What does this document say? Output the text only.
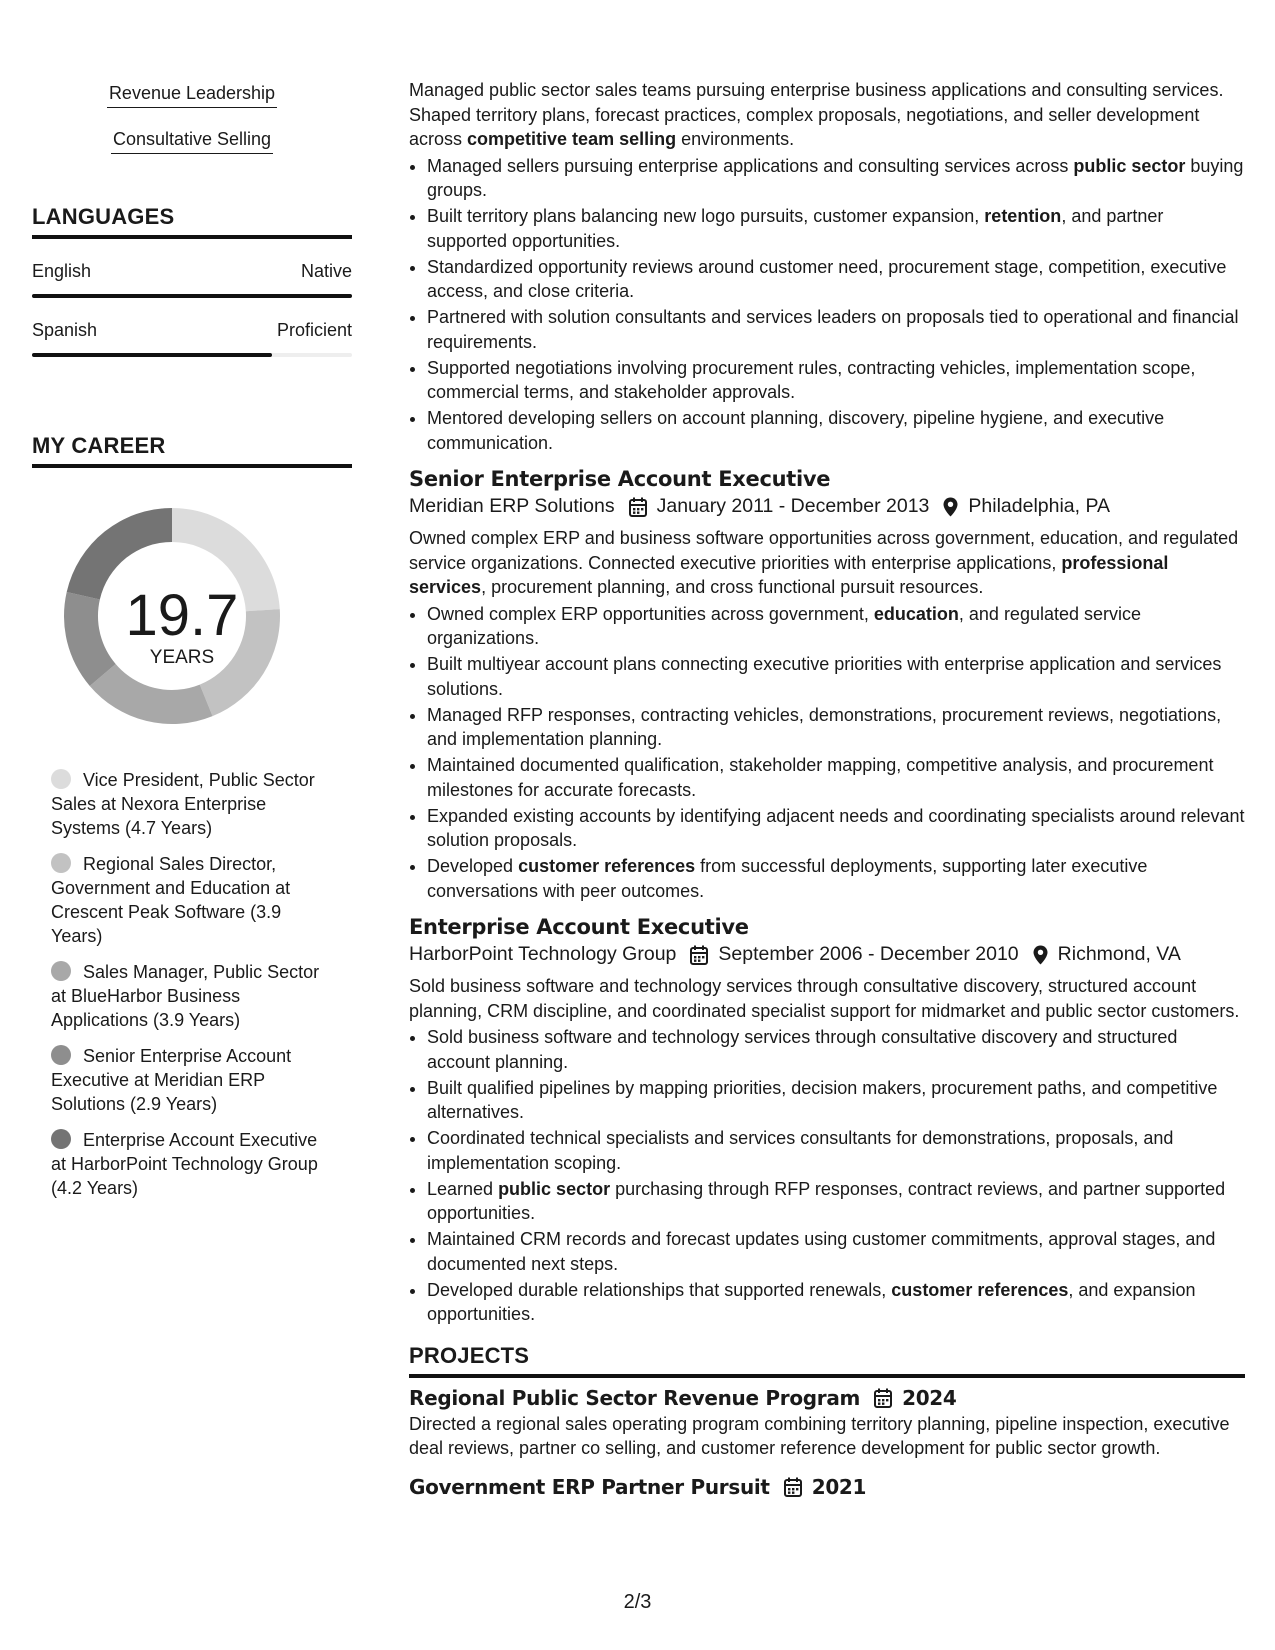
Revenue Leadership
Consultative Selling
LANGUAGES
English	Native
Spanish	Proficient
MY CAREER
19.7
YEARS
Vice President, Public Sector Sales at Nexora Enterprise Systems (4.7 Years)
Regional Sales Director, Government and Education at Crescent Peak Software (3.9 Years)
Sales Manager, Public Sector at BlueHarbor Business Applications (3.9 Years)
Senior Enterprise Account Executive at Meridian ERP Solutions (2.9 Years)
Enterprise Account Executive at HarborPoint Technology Group (4.2 Years)

Managed public sector sales teams pursuing enterprise business applications and consulting services. Shaped territory plans, forecast practices, complex proposals, negotiations, and seller development across competitive team selling environments.

• Managed sellers pursuing enterprise applications and consulting services across public sector buying groups.
• Built territory plans balancing new logo pursuits, customer expansion, retention, and partner supported opportunities.
• Standardized opportunity reviews around customer need, procurement stage, competition, executive access, and close criteria.
• Partnered with solution consultants and services leaders on proposals tied to operational and financial requirements.
• Supported negotiations involving procurement rules, contracting vehicles, implementation scope, commercial terms, and stakeholder approvals.
• Mentored developing sellers on account planning, discovery, pipeline hygiene, and executive communication.
Senior Enterprise Account Executive
Meridian ERP Solutions January 2011 - December 2013 Philadelphia, PA

Owned complex ERP and business software opportunities across government, education, and regulated service organizations. Connected executive priorities with enterprise applications, professional services, procurement planning, and cross functional pursuit resources.

• Owned complex ERP opportunities across government, education, and regulated service organizations.
• Built multiyear account plans connecting executive priorities with enterprise application and services solutions.
• Managed RFP responses, contracting vehicles, demonstrations, procurement reviews, negotiations, and implementation planning.
• Maintained documented qualification, stakeholder mapping, competitive analysis, and procurement milestones for accurate forecasts.
• Expanded existing accounts by identifying adjacent needs and coordinating specialists around relevant solution proposals.
• Developed customer references from successful deployments, supporting later executive conversations with peer outcomes.
Enterprise Account Executive
HarborPoint Technology Group September 2006 - December 2010 Richmond, VA

Sold business software and technology services through consultative discovery, structured account planning, CRM discipline, and coordinated specialist support for midmarket and public sector customers.

• Sold business software and technology services through consultative discovery and structured account planning.
• Built qualified pipelines by mapping priorities, decision makers, procurement paths, and competitive alternatives.
• Coordinated technical specialists and services consultants for demonstrations, proposals, and implementation scoping.
• Learned public sector purchasing through RFP responses, contract reviews, and partner supported opportunities.
• Maintained CRM records and forecast updates using customer commitments, approval stages, and documented next steps.
• Developed durable relationships that supported renewals, customer references, and expansion opportunities.
PROJECTS
Regional Public Sector Revenue Program 2024

Directed a regional sales operating program combining territory planning, pipeline inspection, executive deal reviews, partner co selling, and customer reference development for public sector growth.

Government ERP Partner Pursuit 2021
2/3
